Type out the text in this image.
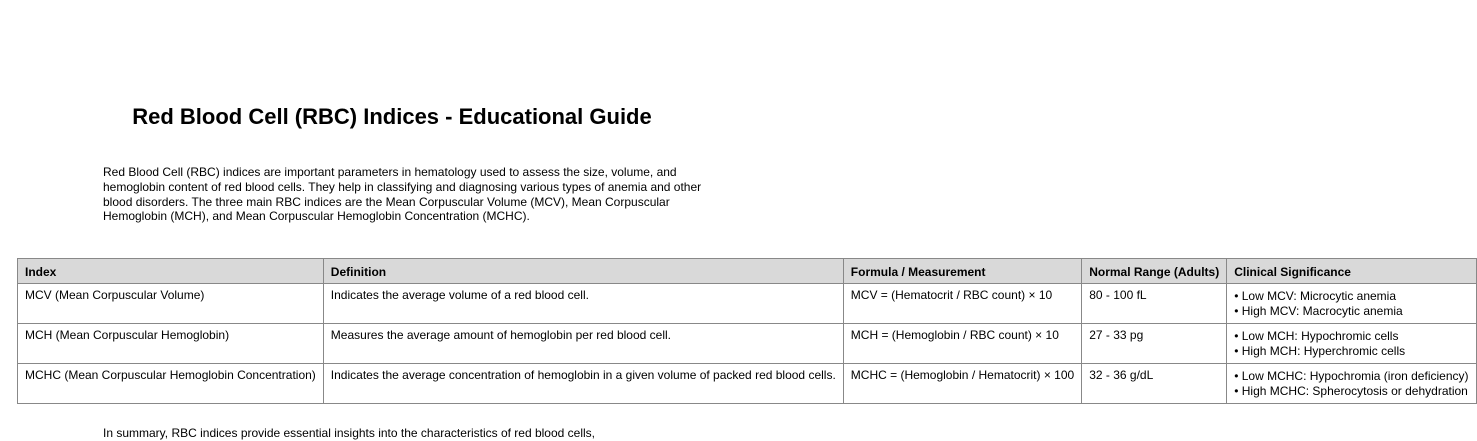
Red Blood Cell (RBC) Indices - Educational Guide

Red Blood Cell (RBC) indices are important parameters in hematology used to assess the size, volume, and hemoglobin content of red blood cells. They help in classifying and diagnosing various types of anemia and other blood disorders. The three main RBC indices are the Mean Corpuscular Volume (MCV), Mean Corpuscular Hemoglobin (MCH), and Mean Corpuscular Hemoglobin Concentration (MCHC).

Index	Definition	Formula / Measurement	Normal Range (Adults)	Clinical Significance
MCV (Mean Corpuscular Volume)	Indicates the average volume of a red blood cell.	MCV = (Hematocrit / RBC count) × 10	80 - 100 fL	• Low MCV: Microcytic anemia
• High MCV: Macrocytic anemia

MCH (Mean Corpuscular Hemoglobin)	Measures the average amount of hemoglobin per red blood cell.	MCH = (Hemoglobin / RBC count) × 10	27 - 33 pg	• Low MCH: Hypochromic cells
• High MCH: Hyperchromic cells

MCHC (Mean Corpuscular Hemoglobin Concentration)	Indicates the average concentration of hemoglobin in a given volume of packed red blood cells.	MCHC = (Hemoglobin / Hematocrit) × 100	32 - 36 g/dL	• Low MCHC: Hypochromia (iron deficiency)
• High MCHC: Spherocytosis or dehydration
In summary, RBC indices provide essential insights into the characteristics of red blood cells,
